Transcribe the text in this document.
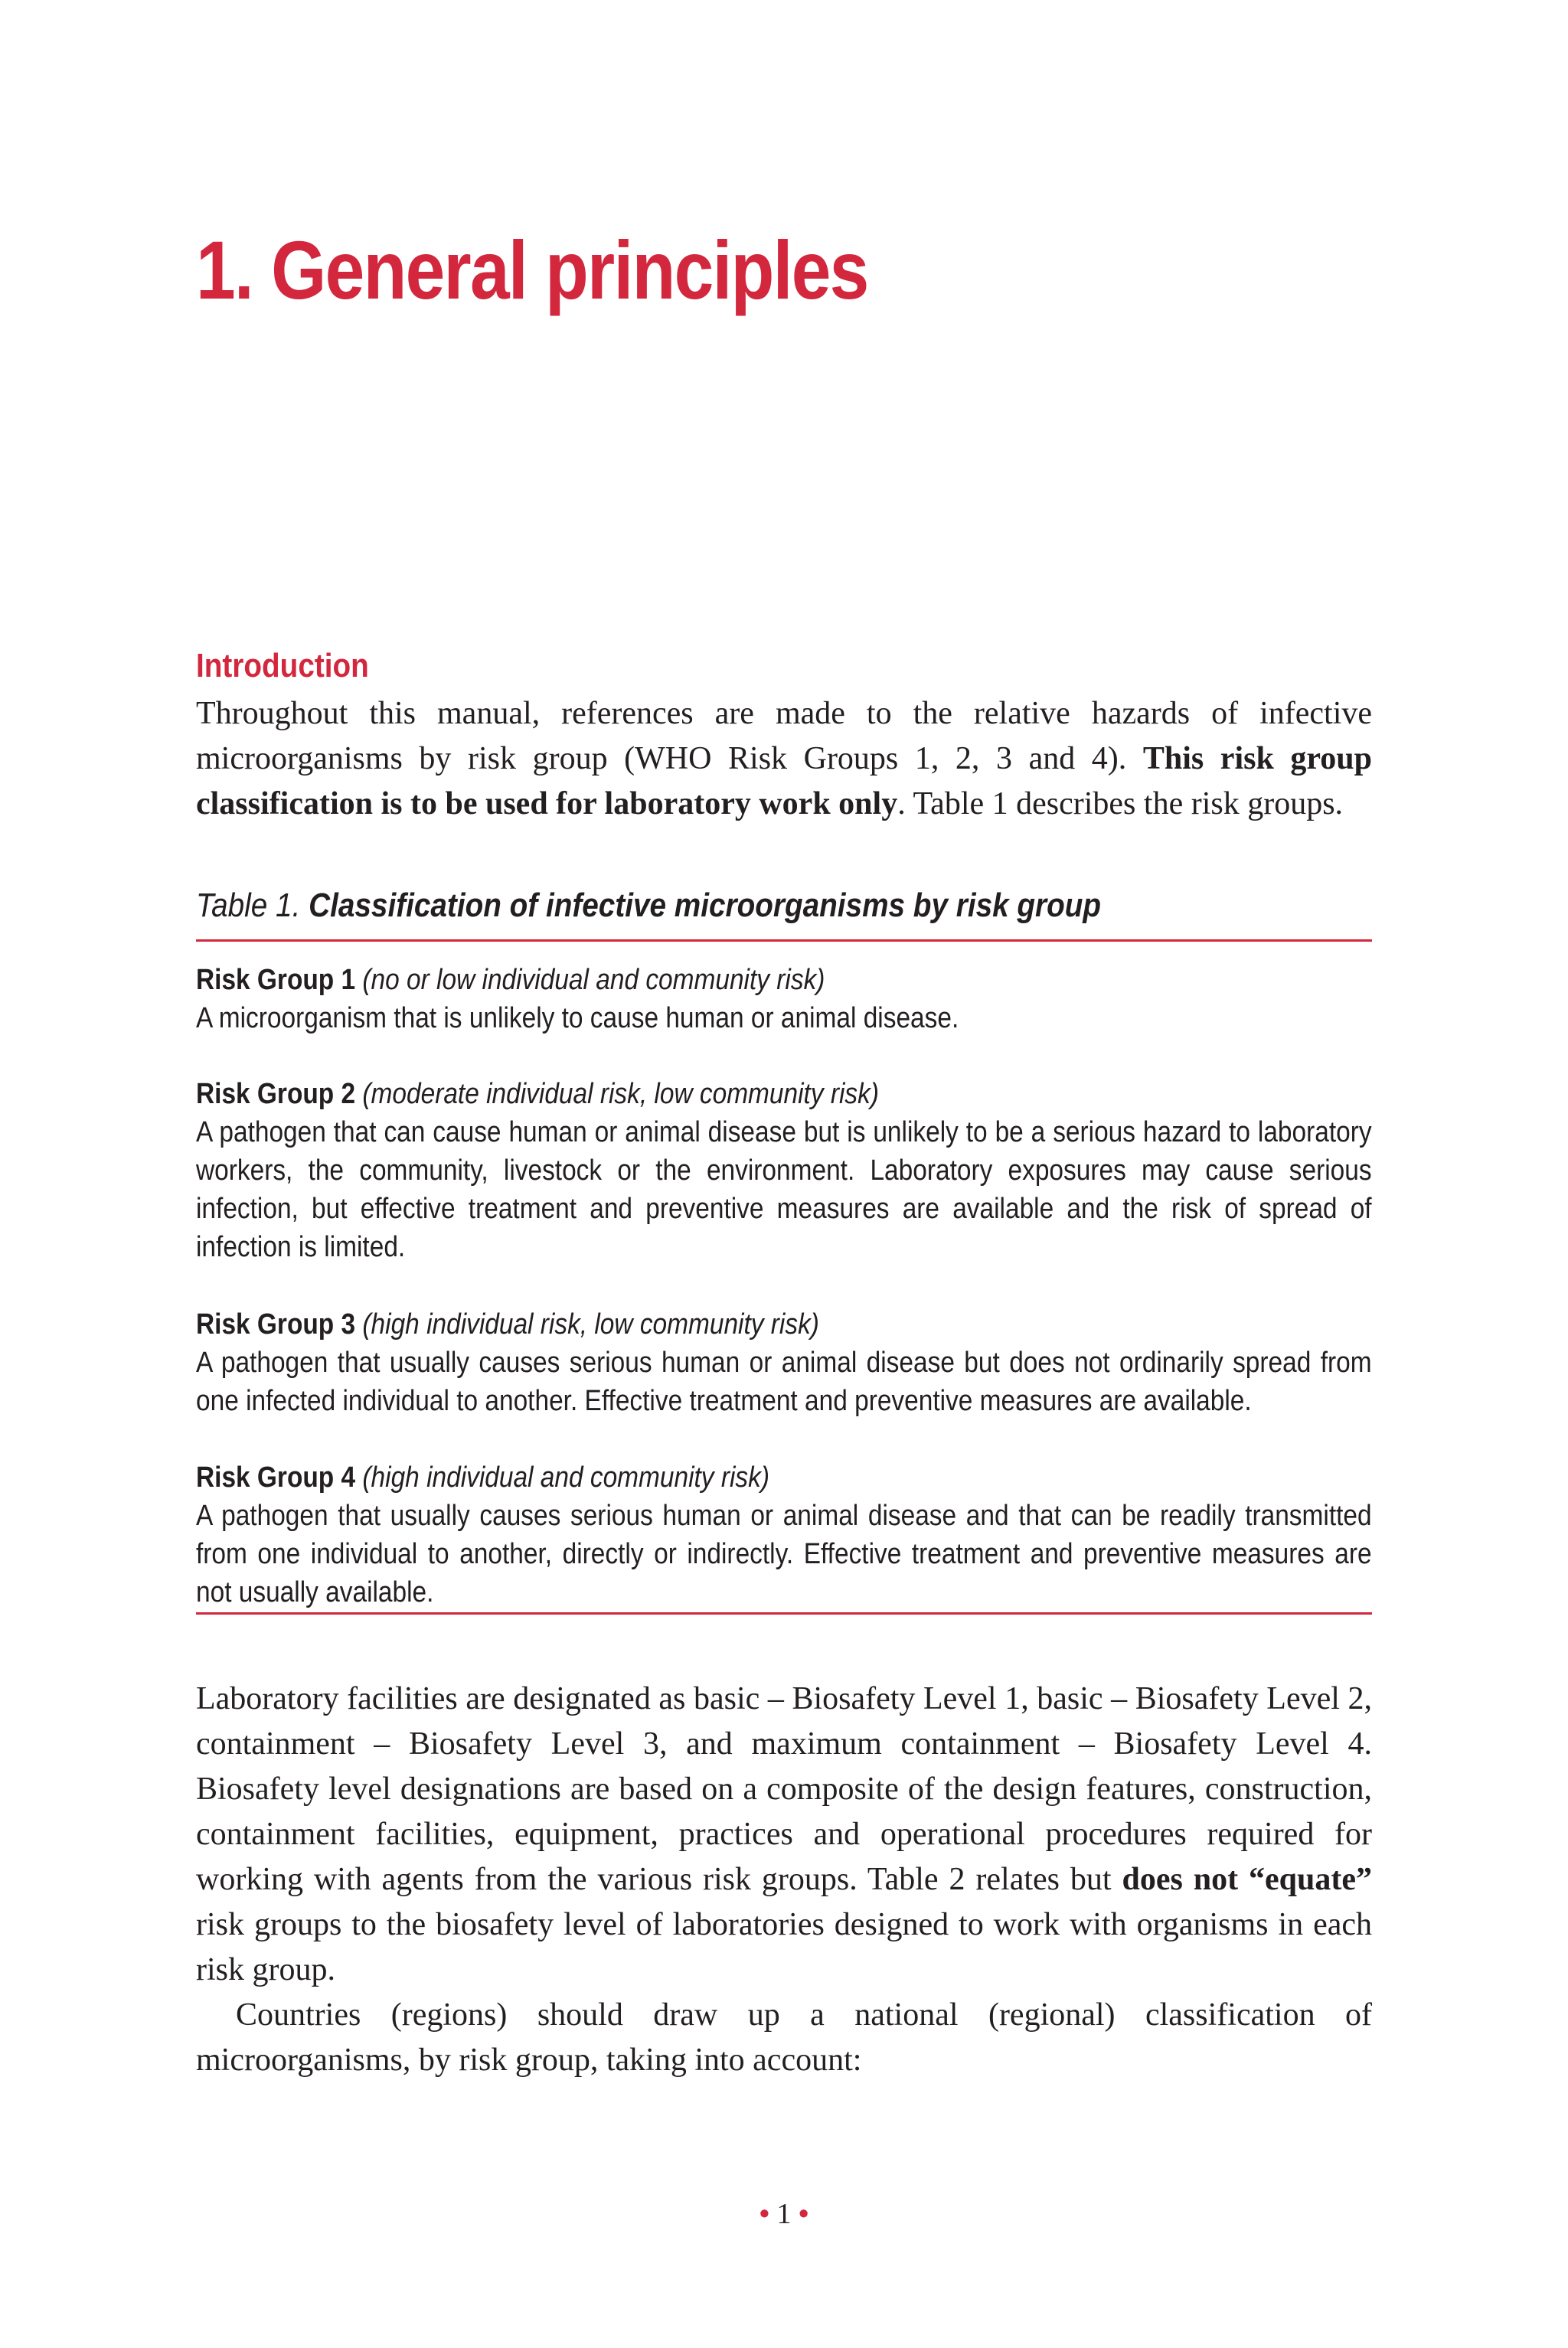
1. General principles
Introduction

Throughout this manual, references are made to the relative hazards of infective microorganisms by risk group (WHO Risk Groups 1, 2, 3 and 4). This risk group classification is to be used for laboratory work only. Table 1 describes the risk groups.

Table 1. Classification of infective microorganisms by risk group

Risk Group 1 (no or low individual and community risk)

A microorganism that is unlikely to cause human or animal disease.

Risk Group 2 (moderate individual risk, low community risk)

A pathogen that can cause human or animal disease but is unlikely to be a serious hazard to laboratory workers, the community, livestock or the environment. Laboratory exposures may cause serious infection, but effective treatment and preventive measures are available and the risk of spread of infection is limited.

Risk Group 3 (high individual risk, low community risk)

A pathogen that usually causes serious human or animal disease but does not ordinarily spread from one infected individual to another. Effective treatment and preventive measures are available.

Risk Group 4 (high individual and community risk)

A pathogen that usually causes serious human or animal disease and that can be readily transmitted from one individual to another, directly or indirectly. Effective treatment and preventive measures are not usually available.

Laboratory facilities are designated as basic – Biosafety Level 1, basic – Biosafety Level 2, containment – Biosafety Level 3, and maximum containment – Biosafety Level 4. Biosafety level designations are based on a composite of the design features, construction, containment facilities, equipment, practices and operational procedures required for working with agents from the various risk groups. Table 2 relates but does not “equate” risk groups to the biosafety level of laboratories designed to work with organisms in each risk group.

Countries (regions) should draw up a national (regional) classification of microorganisms, by risk group, taking into account:

• 1 •
